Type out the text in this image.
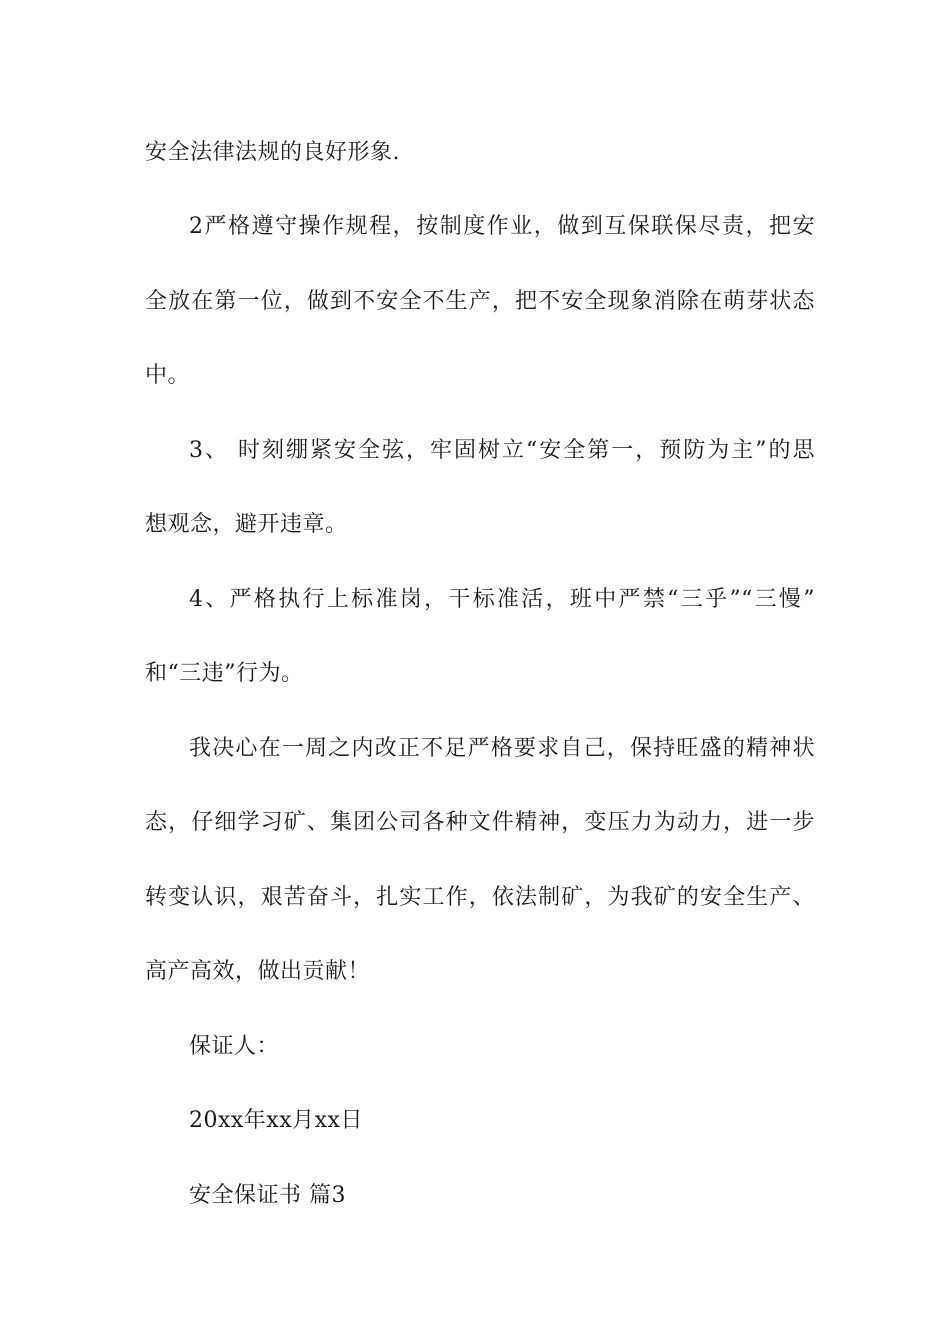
安全法律法规的良好形象.
2严格遵守操作规程，按制度作业，做到互保联保尽责，把安
全放在第一位，做到不安全不生产，把不安全现象消除在萌芽状态
中。
3、 时刻绷紧安全弦，牢固树立“安全第一，预防为主”的思
想观念，避开违章。
4、严格执行上标准岗，干标准活，班中严禁“三乎”“三慢”
和“三违”行为。
我决心在一周之内改正不足严格要求自己，保持旺盛的精神状
态，仔细学习矿、集团公司各种文件精神，变压力为动力，进一步
转变认识，艰苦奋斗，扎实工作，依法制矿，为我矿的安全生产、
高产高效，做出贡献！
保证人：
20xx年xx月xx日
安全保证书 篇3
